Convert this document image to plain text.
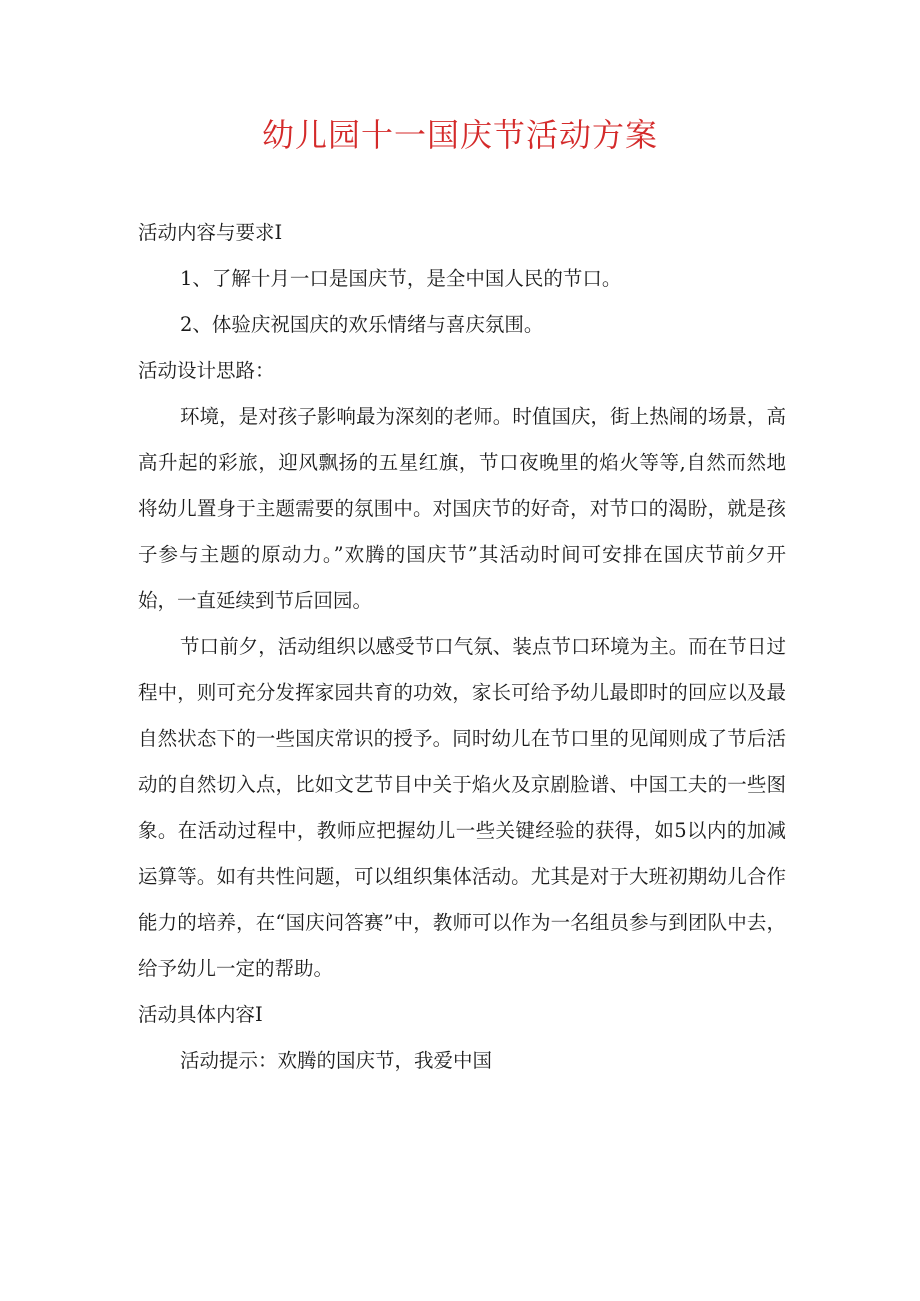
幼儿园十一国庆节活动方案

活动内容与要求I

1、了解十月一口是国庆节，是全中国人民的节口。

2、体验庆祝国庆的欢乐情绪与喜庆氛围。

活动设计思路：

环境，是对孩子影响最为深刻的老师。时值国庆，街上热闹的场景，高高升起的彩旅，迎风飘扬的五星红旗，节口夜晚里的焰火等等,自然而然地将幼儿置身于主题需要的氛围中。对国庆节的好奇，对节口的渴盼，就是孩子参与主题的原动力。”欢腾的国庆节”其活动时间可安排在国庆节前夕开始，一直延续到节后回园。

节口前夕，活动组织以感受节口气氛、装点节口环境为主。而在节日过程中，则可充分发挥家园共育的功效，家长可给予幼儿最即时的回应以及最自然状态下的一些国庆常识的授予。同时幼儿在节口里的见闻则成了节后活动的自然切入点，比如文艺节目中关于焰火及京剧脸谱、中国工夫的一些图象。在活动过程中，教师应把握幼儿一些关键经验的获得，如5以内的加减运算等。如有共性问题，可以组织集体活动。尤其是对于大班初期幼儿合作能力的培养，在“国庆问答赛”中，教师可以作为一名组员参与到团队中去，给予幼儿一定的帮助。

活动具体内容I

活动提示：欢腾的国庆节，我爱中国
